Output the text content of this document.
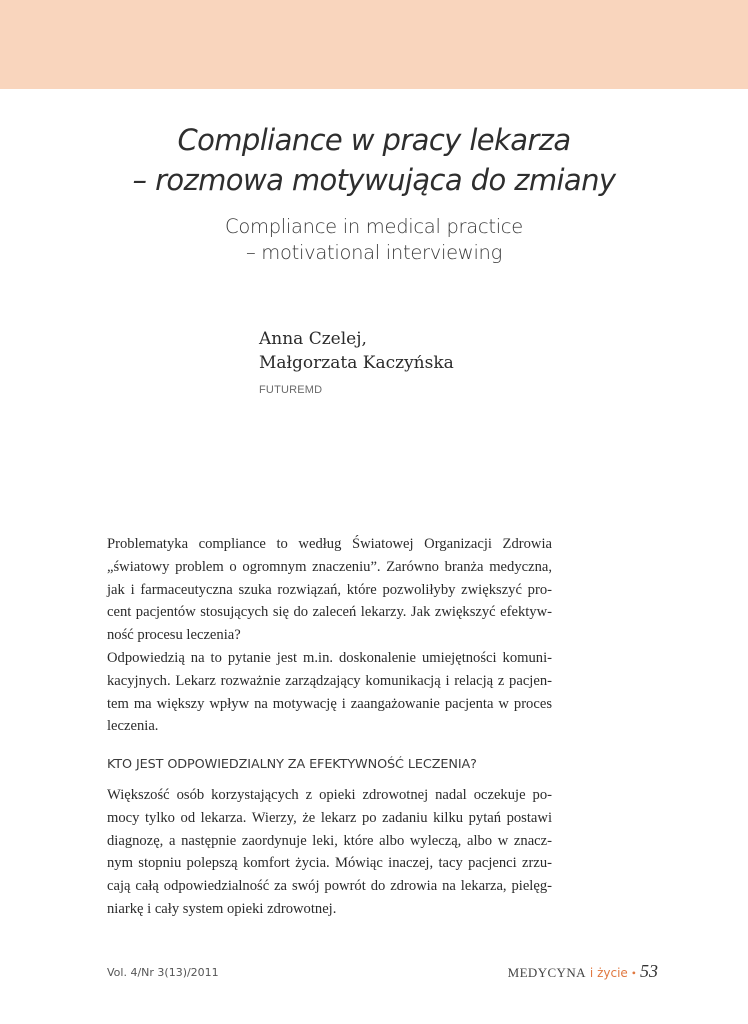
Compliance w pracy lekarza
– rozmowa motywująca do zmiany
Compliance in medical practice
– motivational interviewing
Anna Czelej,
Małgorzata Kaczyńska
FUTUREMD
Problematyka compliance to według Światowej Organizacji Zdrowia
„światowy problem o ogromnym znaczeniu”. Zarówno branża medyczna,
jak i farmaceutyczna szuka rozwiązań, które pozwoliłyby zwiększyć pro-
cent pacjentów stosujących się do zaleceń lekarzy. Jak zwiększyć efektyw-
ność procesu leczenia?
Odpowiedzią na to pytanie jest m.in. doskonalenie umiejętności komuni-
kacyjnych. Lekarz rozważnie zarządzający komunikacją i relacją z pacjen-
tem ma większy wpływ na motywację i zaangażowanie pacjenta w proces
leczenia.
KTO JEST ODPOWIEDZIALNY ZA EFEKTYWNOŚĆ LECZENIA?
Większość osób korzystających z opieki zdrowotnej nadal oczekuje po-
mocy tylko od lekarza. Wierzy, że lekarz po zadaniu kilku pytań postawi
diagnozę, a następnie zaordynuje leki, które albo wyleczą, albo w znacz-
nym stopniu polepszą komfort życia. Mówiąc inaczej, tacy pacjenci zrzu-
cają całą odpowiedzialność za swój powrót do zdrowia na lekarza, pielęg-
niarkę i cały system opieki zdrowotnej.
Vol. 4/Nr 3(13)/2011	MEDYCYNA i życie • 53
